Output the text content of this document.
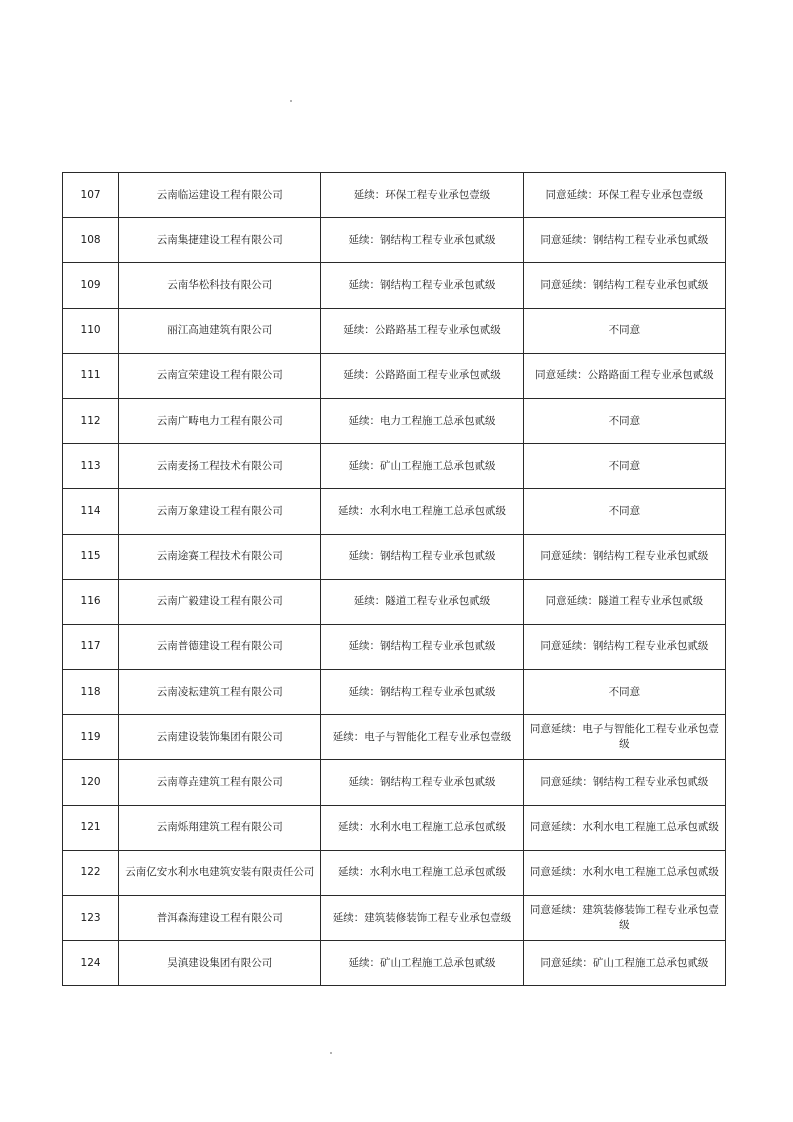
107	云南临运建设工程有限公司	延续：环保工程专业承包壹级	同意延续：环保工程专业承包壹级
108	云南集捷建设工程有限公司	延续：钢结构工程专业承包贰级	同意延续：钢结构工程专业承包贰级
109	云南华松科技有限公司	延续：钢结构工程专业承包贰级	同意延续：钢结构工程专业承包贰级
110	丽江高迪建筑有限公司	延续：公路路基工程专业承包贰级	不同意
111	云南宣荣建设工程有限公司	延续：公路路面工程专业承包贰级	同意延续：公路路面工程专业承包贰级
112	云南广畴电力工程有限公司	延续：电力工程施工总承包贰级	不同意
113	云南麦扬工程技术有限公司	延续：矿山工程施工总承包贰级	不同意
114	云南万象建设工程有限公司	延续：水利水电工程施工总承包贰级	不同意
115	云南途赛工程技术有限公司	延续：钢结构工程专业承包贰级	同意延续：钢结构工程专业承包贰级
116	云南广毅建设工程有限公司	延续：隧道工程专业承包贰级	同意延续：隧道工程专业承包贰级
117	云南普德建设工程有限公司	延续：钢结构工程专业承包贰级	同意延续：钢结构工程专业承包贰级
118	云南凌耘建筑工程有限公司	延续：钢结构工程专业承包贰级	不同意
119	云南建设装饰集团有限公司	延续：电子与智能化工程专业承包壹级	同意延续：电子与智能化工程专业承包壹级
120	云南尊垚建筑工程有限公司	延续：钢结构工程专业承包贰级	同意延续：钢结构工程专业承包贰级
121	云南烁翔建筑工程有限公司	延续：水利水电工程施工总承包贰级	同意延续：水利水电工程施工总承包贰级
122	云南亿安水利水电建筑安装有限责任公司	延续：水利水电工程施工总承包贰级	同意延续：水利水电工程施工总承包贰级
123	普洱森海建设工程有限公司	延续：建筑装修装饰工程专业承包壹级	同意延续：建筑装修装饰工程专业承包壹级
124	昊滇建设集团有限公司	延续：矿山工程施工总承包贰级	同意延续：矿山工程施工总承包贰级
